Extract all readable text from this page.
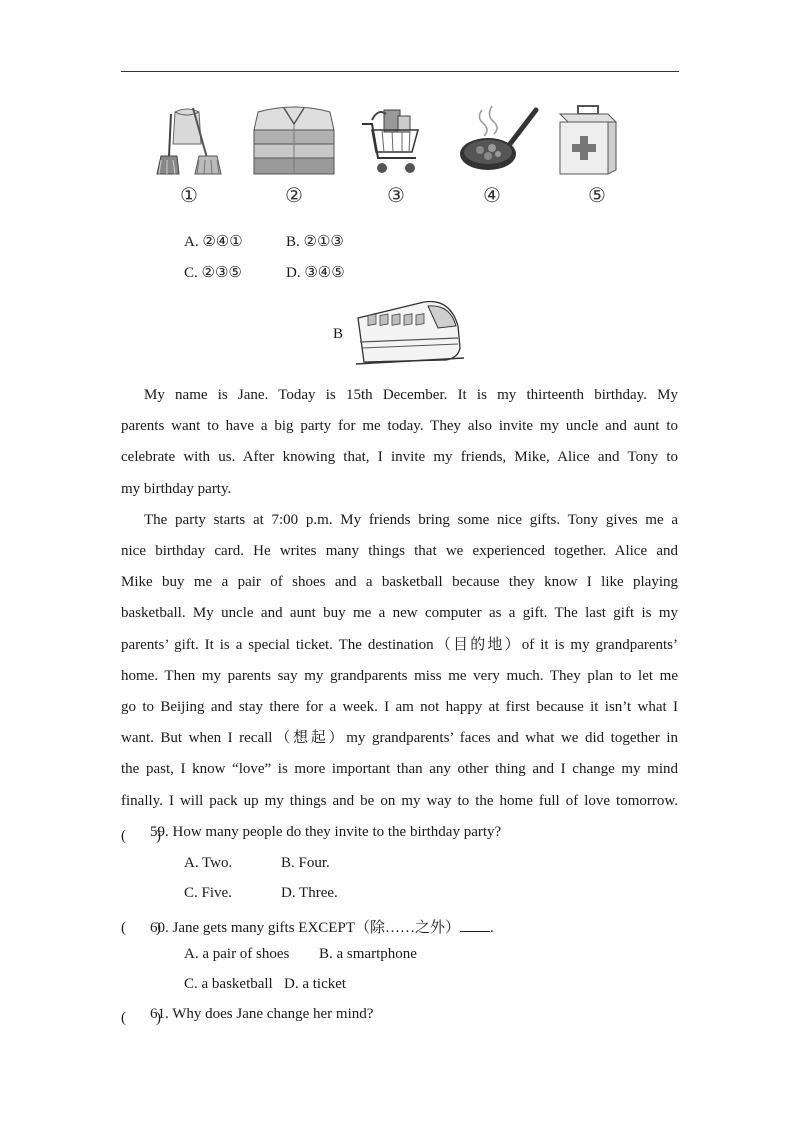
①	②	③	④	⑤
A. ②④①	B. ②①③
C. ②③⑤	D. ③④⑤
B

My name is Jane. Today is 15th December. It is my thirteenth birthday. My
parents want to have a big party for me today. They also invite my uncle and aunt to
celebrate with us. After knowing that, I invite my friends, Mike, Alice and Tony to
my birthday party.

The party starts at 7:00 p.m. My friends bring some nice gifts. Tony gives me a
nice birthday card. He writes many things that we experienced together. Alice and
Mike buy me a pair of shoes and a basketball because they know I like playing
basketball. My uncle and aunt buy me a new computer as a gift. The last gift is my
parents’ gift. It is a special ticket. The destination（目的地）of it is my grandparents’
home. Then my parents say my grandparents miss me very much. They plan to let me
go to Beijing and stay there for a week. I am not happy at first because it isn’t what I
want. But when I recall（想起）my grandparents’ faces and what we did together in
the past, I know “love” is more important than any other thing and I change my mind
finally. I will pack up my things and be on my way to the home full of love tomorrow.

(　　)
59. How many people do they invite to the birthday party?
A. Two.	B. Four.
C. Five.	D. Three.
(　　)
60. Jane gets many gifts EXCEPT（除……之外） .
A. a pair of shoes B. a smartphone
C. a basketball D. a ticket
(　　)
61. Why does Jane change her mind?
